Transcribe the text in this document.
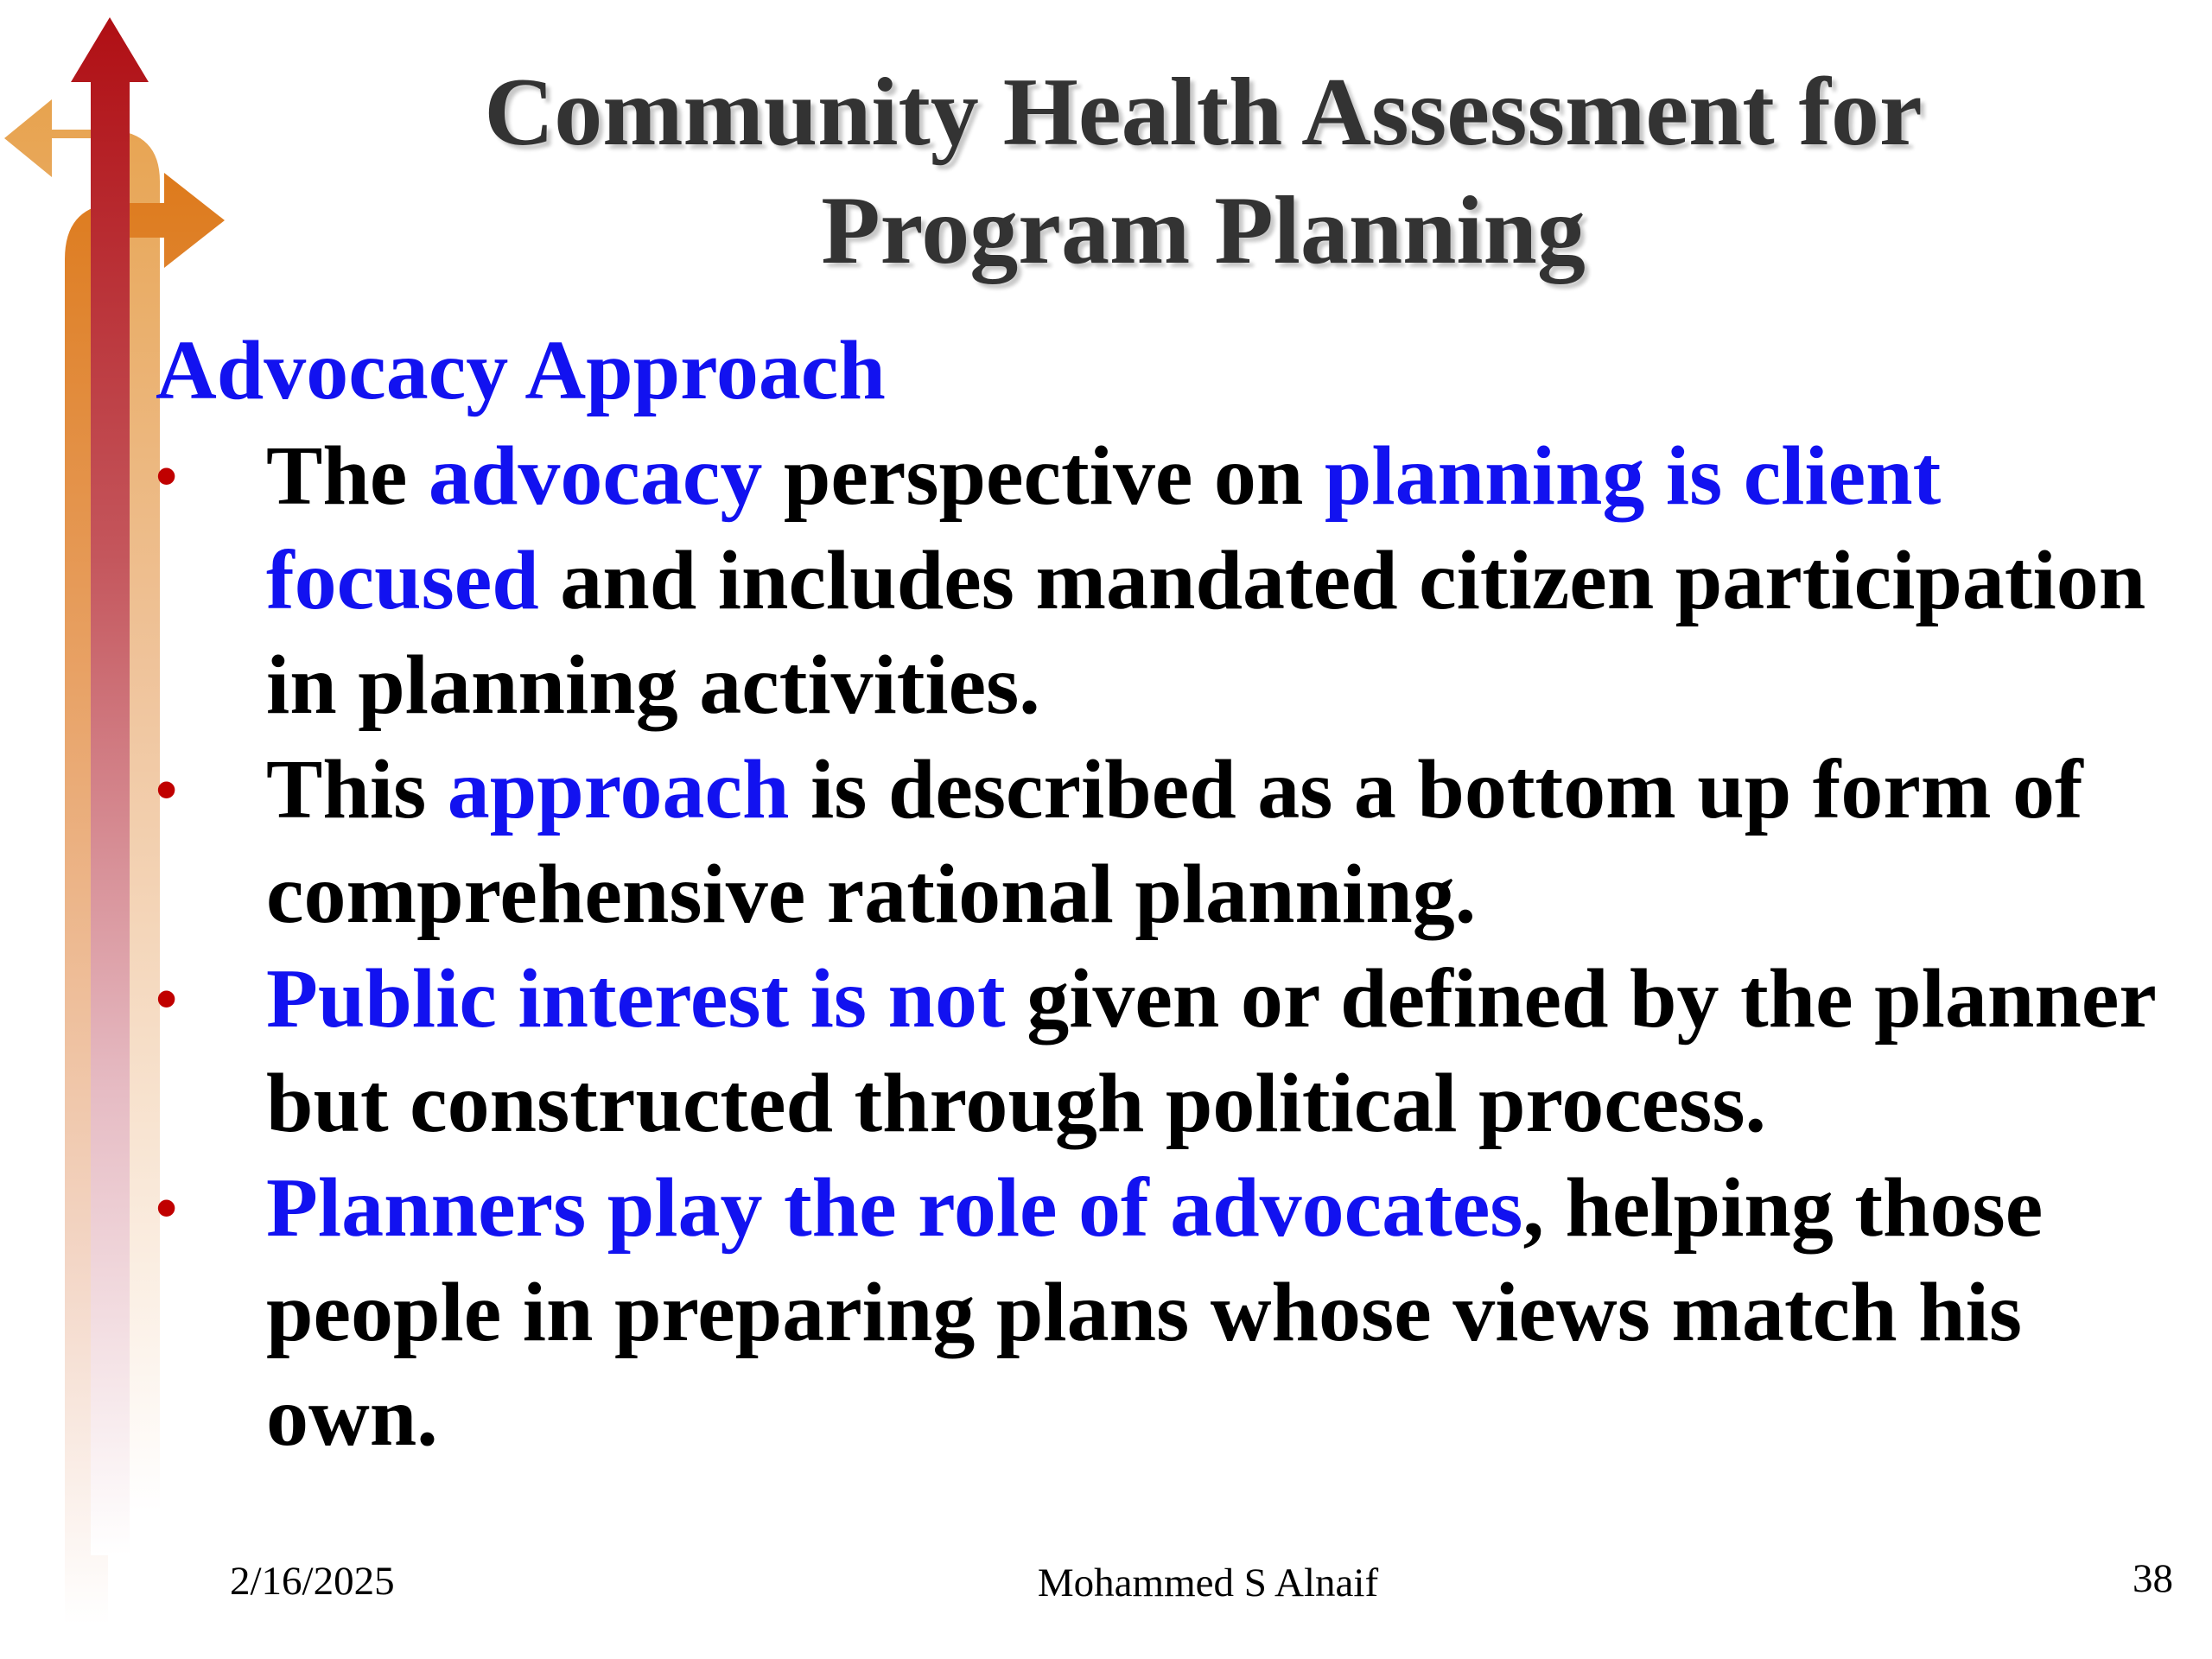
Community Health Assessment for
Program Planning
Advocacy Approach
• The advocacy perspective on planning is client focused and includes mandated citizen participation in planning activities.
• This approach is described as a bottom up form of comprehensive rational planning.
• Public interest is not given or defined by the planner but constructed through political process.
• Planners play the role of advocates, helping those people in preparing plans whose views match his own.
2/16/2025	Mohammed S Alnaif	38
